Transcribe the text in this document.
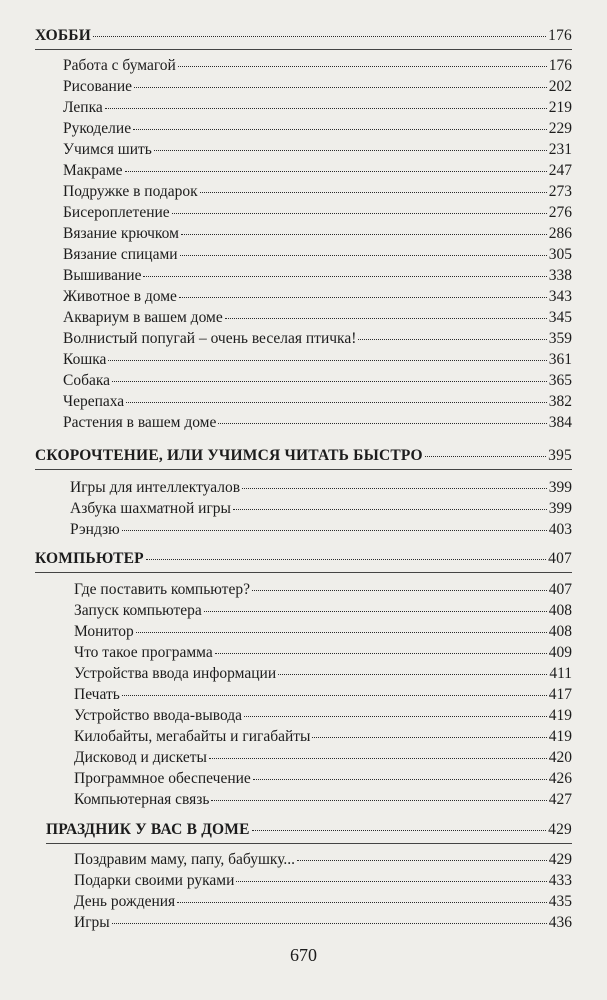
ХОББИ	176
Работа с бумагой	176
Рисование	202
Лепка	219
Рукоделие	229
Учимся шить	231
Макраме	247
Подружке в подарок	273
Бисероплетение	276
Вязание крючком	286
Вязание спицами	305
Вышивание	338
Животное в доме	343
Аквариум в вашем доме	345
Волнистый попугай – очень веселая птичка!	359
Кошка	361
Собака	365
Черепаха	382
Растения в вашем доме	384
СКОРОЧТЕНИЕ, ИЛИ УЧИМСЯ ЧИТАТЬ БЫСТРО	395
Игры для интеллектуалов	399
Азбука шахматной игры	399
Рэндзю	403
КОМПЬЮТЕР	407
Где поставить компьютер?	407
Запуск компьютера	408
Монитор	408
Что такое программа	409
Устройства ввода информации	411
Печать	417
Устройство ввода-вывода	419
Килобайты, мегабайты и гигабайты	419
Дисковод и дискеты	420
Программное обеспечение	426
Компьютерная связь	427
ПРАЗДНИК У ВАС В ДОМЕ	429
Поздравим маму, папу, бабушку...	429
Подарки своими руками	433
День рождения	435
Игры	436
670
